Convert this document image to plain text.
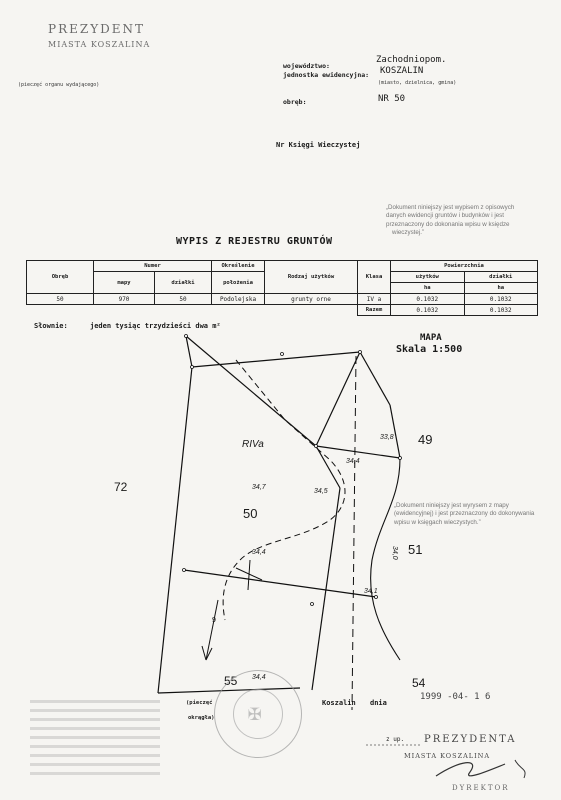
PREZYDENT
MIASTA KOSZALINA
(pieczęć organu wydającego)
województwo:
Zachodniopom.
jednostka ewidencyjna: KOSZALIN
(miasto, dzielnica, gmina)
obręb:	NR 50
Nr Księgi Wieczystej
„Dokument niniejszy jest wypisem z opisowych
danych ewidencji gruntów i budynków i jest
przeznaczony do dokonania wpisu w księdze
wieczystej.”
WYPIS Z REJESTRU GRUNTÓW
Obręb	Numer		Określenie	Rodzaj użytków	Klasa	Powierzchnia	
	mapy	działki	położenia			użytków	działki
						ha	ha
50	970	50	Podolejska	grunty orne	IV a	0.1032	0.1032
					Razem	0.1032	0.1032
Słownie:	jeden tysiąc trzydzieści dwa m²
MAPA
Skala 1:500
RIVa
72
50
49
51
55	54
33,8
34,4
34,7
34,5
34,4
34,1
34,0
34,4
9
„Dokument niniejszy jest wyrysem z mapy
(ewidencyjnej) i jest przeznaczony do dokonywania
wpisu w księgach wieczystych.”
✠
(pieczęć
okrągła)
Koszalin dnia
1999 -04- 1 6
z up. PREZYDENTA
MIASTA KOSZALINA
DYREKTOR
